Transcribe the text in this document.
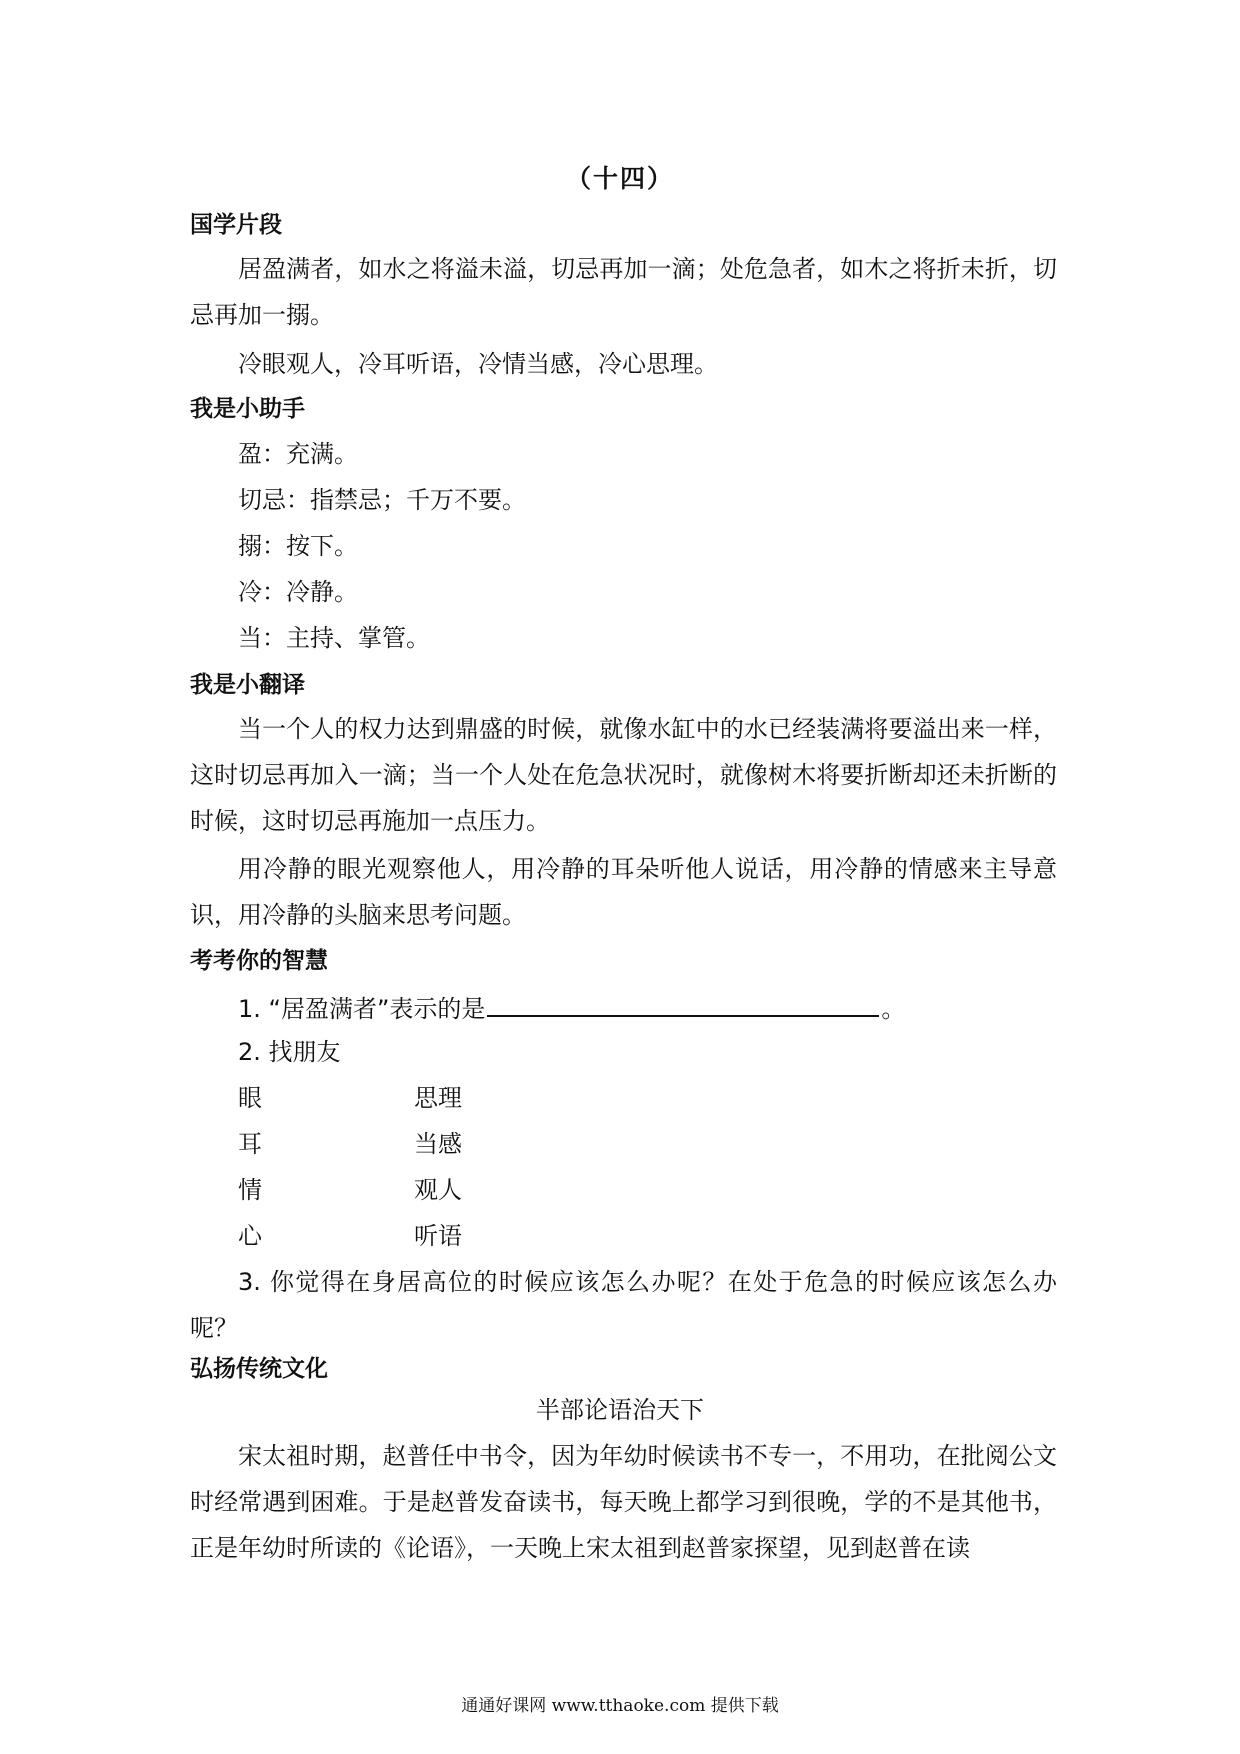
（十四）
国学片段

居盈满者，如水之将溢未溢，切忌再加一滴；处危急者，如木之将折未折，切忌再加一搦。

冷眼观人，冷耳听语，冷情当感，冷心思理。

我是小助手
盈：充满。
切忌：指禁忌；千万不要。
搦：按下。
冷：冷静。
当：主持、掌管。
我是小翻译

当一个人的权力达到鼎盛的时候，就像水缸中的水已经装满将要溢出来一样，这时切忌再加入一滴；当一个人处在危急状况时，就像树木将要折断却还未折断的时候，这时切忌再施加一点压力。

用冷静的眼光观察他人，用冷静的耳朵听他人说话，用冷静的情感来主导意识，用冷静的头脑来思考问题。

考考你的智慧
1. “居盈满者”表示的是	。
2. 找朋友
眼	思理
耳	当感
情	观人
心	听语

3. 你觉得在身居高位的时候应该怎么办呢？在处于危急的时候应该怎么办呢？

弘扬传统文化
半部论语治天下

宋太祖时期，赵普任中书令，因为年幼时候读书不专一，不用功，在批阅公文时经常遇到困难。于是赵普发奋读书，每天晚上都学习到很晚，学的不是其他书，正是年幼时所读的《论语》，一天晚上宋太祖到赵普家探望，见到赵普在读

通通好课网 www.tthaoke.com 提供下载
